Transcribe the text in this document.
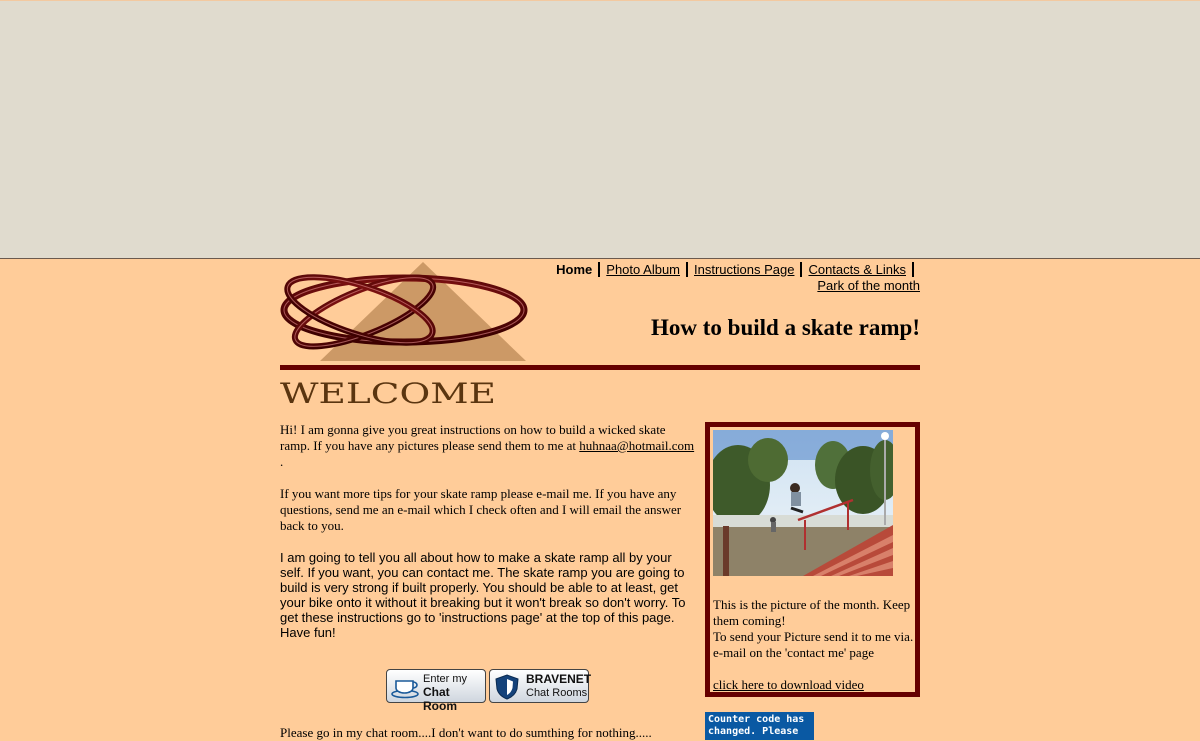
Home Photo Album Instructions Page Contacts & Links
Park of the month
How to build a skate ramp!
WELCOME

Hi! I am gonna give you great instructions on how to build a wicked skate ramp. If you have any pictures please send them to me at huhnaa@hotmail.com
.

If you want more tips for your skate ramp please e-mail me. If you have any questions, send me an e-mail which I check often and I will email the answer back to you.

I am going to tell you all about how to make a skate ramp all by your self. If you want, you can contact me. The skate ramp you are going to build is very strong if built properly. You should be able to at least, get your bike onto it without it breaking but it won't break so don't worry. To get these instructions go to 'instructions page' at the top of this page. Have fun!

Enter my
Chat Room
BRAVENET
Chat Rooms
Please go in my chat room....I don't want to do sumthing for nothing.....

This is the picture of the month. Keep them coming!

To send your Picture send it to me via. e-mail on the 'contact me' page

click here to download video

Counter code has
changed. Please
